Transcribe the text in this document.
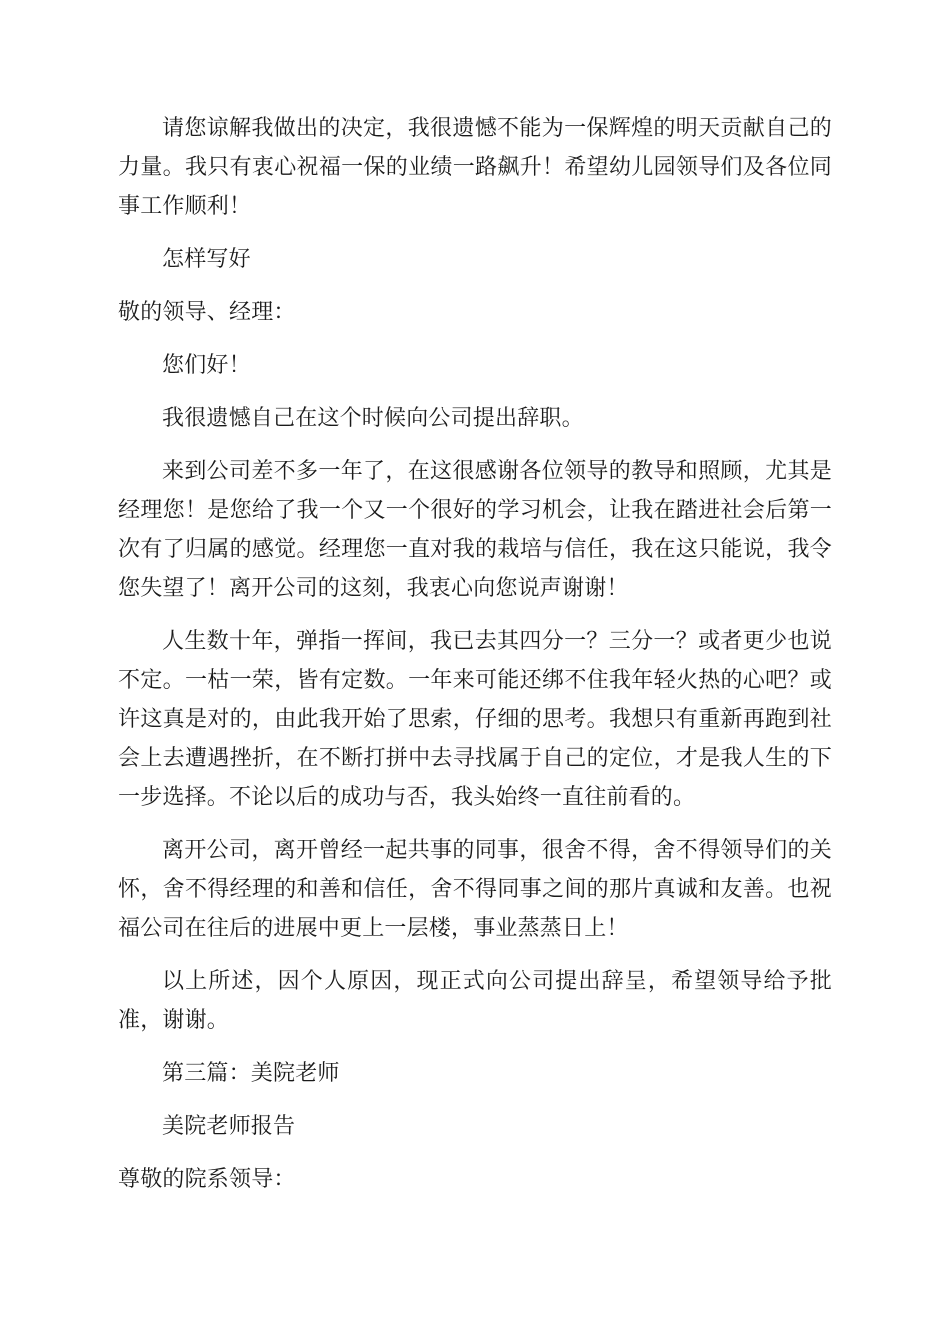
请您谅解我做出的决定，我很遗憾不能为一保辉煌的明天贡献自己的力量。我只有衷心祝福一保的业绩一路飙升！希望幼儿园领导们及各位同事工作顺利！

怎样写好

敬的领导、经理：

您们好！

我很遗憾自己在这个时候向公司提出辞职。

来到公司差不多一年了，在这很感谢各位领导的教导和照顾，尤其是经理您！是您给了我一个又一个很好的学习机会，让我在踏进社会后第一次有了归属的感觉。经理您一直对我的栽培与信任，我在这只能说，我令您失望了！离开公司的这刻，我衷心向您说声谢谢！

人生数十年，弹指一挥间，我已去其四分一？三分一？或者更少也说不定。一枯一荣，皆有定数。一年来可能还绑不住我年轻火热的心吧？或许这真是对的，由此我开始了思索，仔细的思考。我想只有重新再跑到社会上去遭遇挫折，在不断打拼中去寻找属于自己的定位，才是我人生的下一步选择。不论以后的成功与否，我头始终一直往前看的。

离开公司，离开曾经一起共事的同事，很舍不得，舍不得领导们的关怀，舍不得经理的和善和信任，舍不得同事之间的那片真诚和友善。也祝福公司在往后的进展中更上一层楼，事业蒸蒸日上！

以上所述，因个人原因，现正式向公司提出辞呈，希望领导给予批准，谢谢。

第三篇：美院老师

美院老师报告

尊敬的院系领导：
